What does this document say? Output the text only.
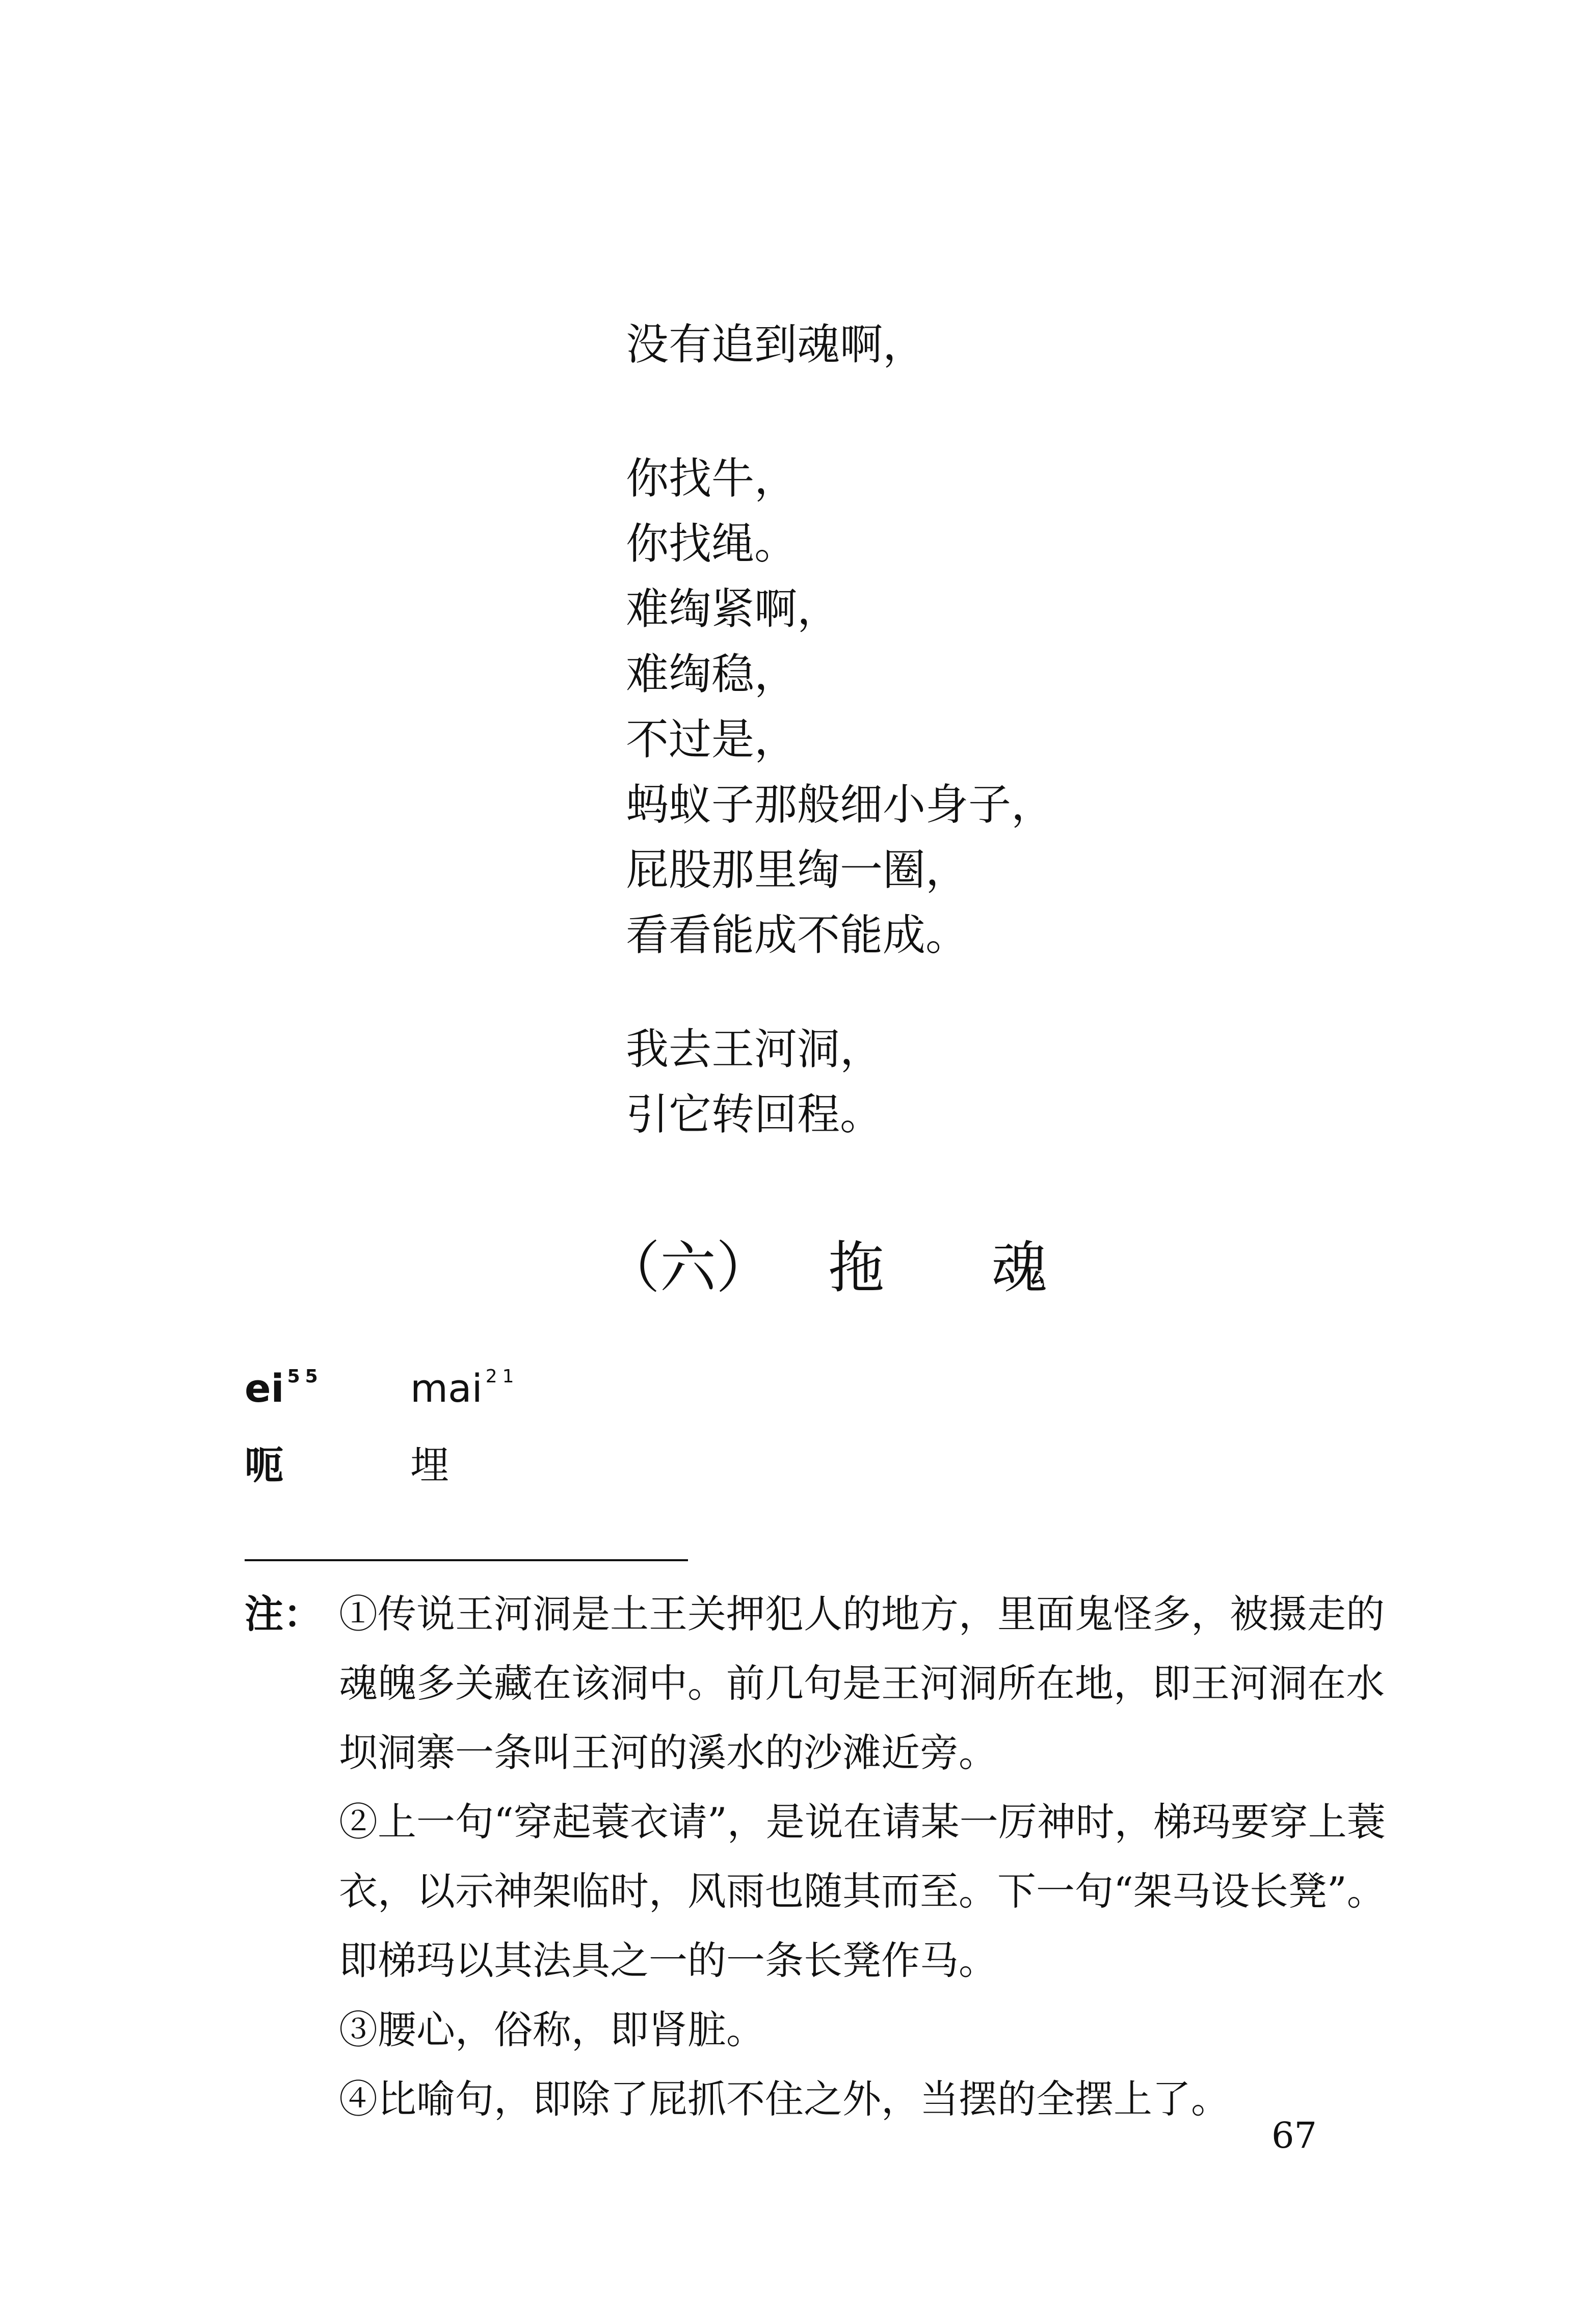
没有追到魂啊，
你找牛，
你找绳。
难绹紧啊，
难绹稳，
不过是，
蚂蚁子那般细小身子，
屁股那里绹一圈，
看看能成不能成。
我去王河洞，
引它转回程。
（六） 拖 魂
ei $^{55}$ mai $^{21}$
呃	埋
注： ①传说王河洞是土王关押犯人的地方，里面鬼怪多，被摄走的魂魄多关藏在该洞中。前几句是王河洞所在地，即王河洞在水坝洞寨一条叫王河的溪水的沙滩近旁。
②上一句“穿起蓑衣请”，是说在请某一厉神时，梯玛要穿上蓑衣，以示神架临时，风雨也随其而至。下一句“架马设长凳”。即梯玛以其法具之一的一条长凳作马。
③腰心，俗称，即肾脏。
④比喻句，即除了屁抓不住之外，当摆的全摆上了。
67
